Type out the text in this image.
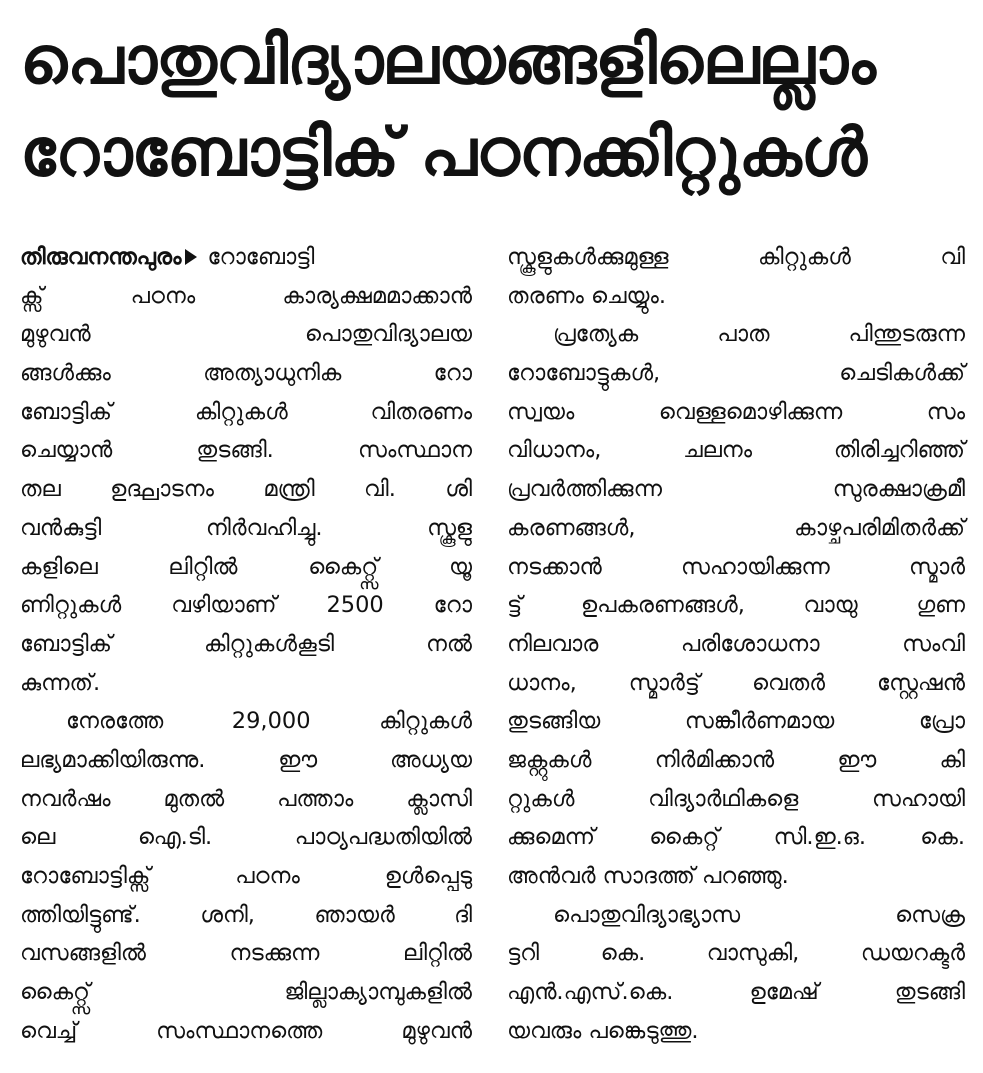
പൊതുവിദ്യാലയങ്ങളിലെല്ലാം
റോബോട്ടിക് പഠനക്കിറ്റുകൾ
തിരുവനന്തപുരം റോബോട്ടി
ക്സ് പഠനം കാര്യക്ഷമമാക്കാൻ
മുഴുവൻ പൊതുവിദ്യാലയ
ങ്ങൾക്കും അത്യാധുനിക റോ
ബോട്ടിക് കിറ്റുകൾ വിതരണം
ചെയ്യാൻ തുടങ്ങി. സംസ്ഥാന
തല ഉദ്ഘാടനം മന്ത്രി വി. ശി
വൻകുട്ടി നിർവഹിച്ചു. സ്കൂളു
കളിലെ ലിറ്റിൽ കൈറ്റ്സ് യൂ
ണിറ്റുകൾ വഴിയാണ് 2500 റോ
ബോട്ടിക് കിറ്റുകൾകൂടി നൽ
കുന്നത്.
നേരത്തേ 29,000 കിറ്റുകൾ
ലഭ്യമാക്കിയിരുന്നു. ഈ അധ്യയ
നവർഷം മുതൽ പത്താം ക്ലാസി
ലെ ഐ.ടി. പാഠ്യപദ്ധതിയിൽ
റോബോട്ടിക്സ് പഠനം ഉൾപ്പെടു
ത്തിയിട്ടുണ്ട്. ശനി, ഞായർ ദി
വസങ്ങളിൽ നടക്കുന്ന ലിറ്റിൽ
കൈറ്റ്സ് ജില്ലാക്യാമ്പുകളിൽ
വെച്ച് സംസ്ഥാനത്തെ മുഴുവൻ
സ്കൂളുകൾക്കുമുള്ള കിറ്റുകൾ വി
തരണം ചെയ്യും.
പ്രത്യേക പാത പിന്തുടരുന്ന
റോബോട്ടുകൾ, ചെടികൾക്ക്
സ്വയം വെള്ളമൊഴിക്കുന്ന സം
വിധാനം, ചലനം തിരിച്ചറിഞ്ഞ്
പ്രവർത്തിക്കുന്ന സുരക്ഷാക്രമീ
കരണങ്ങൾ, കാഴ്ചപരിമിതർക്ക്
നടക്കാൻ സഹായിക്കുന്ന സ്മാർ
ട്ട് ഉപകരണങ്ങൾ, വായു ഗുണ
നിലവാര പരിശോധനാ സംവി
ധാനം, സ്മാർട്ട് വെതർ സ്റ്റേഷൻ
തുടങ്ങിയ സങ്കീർണമായ പ്രോ
ജക്റ്റുകൾ നിർമിക്കാൻ ഈ കി
റ്റുകൾ വിദ്യാർഥികളെ സഹായി
ക്കുമെന്ന് കൈറ്റ് സി.ഇ.ഒ. കെ.
അൻവർ സാദത്ത് പറഞ്ഞു.
പൊതുവിദ്യാഭ്യാസ സെക്ര
ട്ടറി കെ. വാസുകി, ഡയറക്ടർ
എൻ.എസ്.കെ. ഉമേഷ് തുടങ്ങി
യവരും പങ്കെടുത്തു.
